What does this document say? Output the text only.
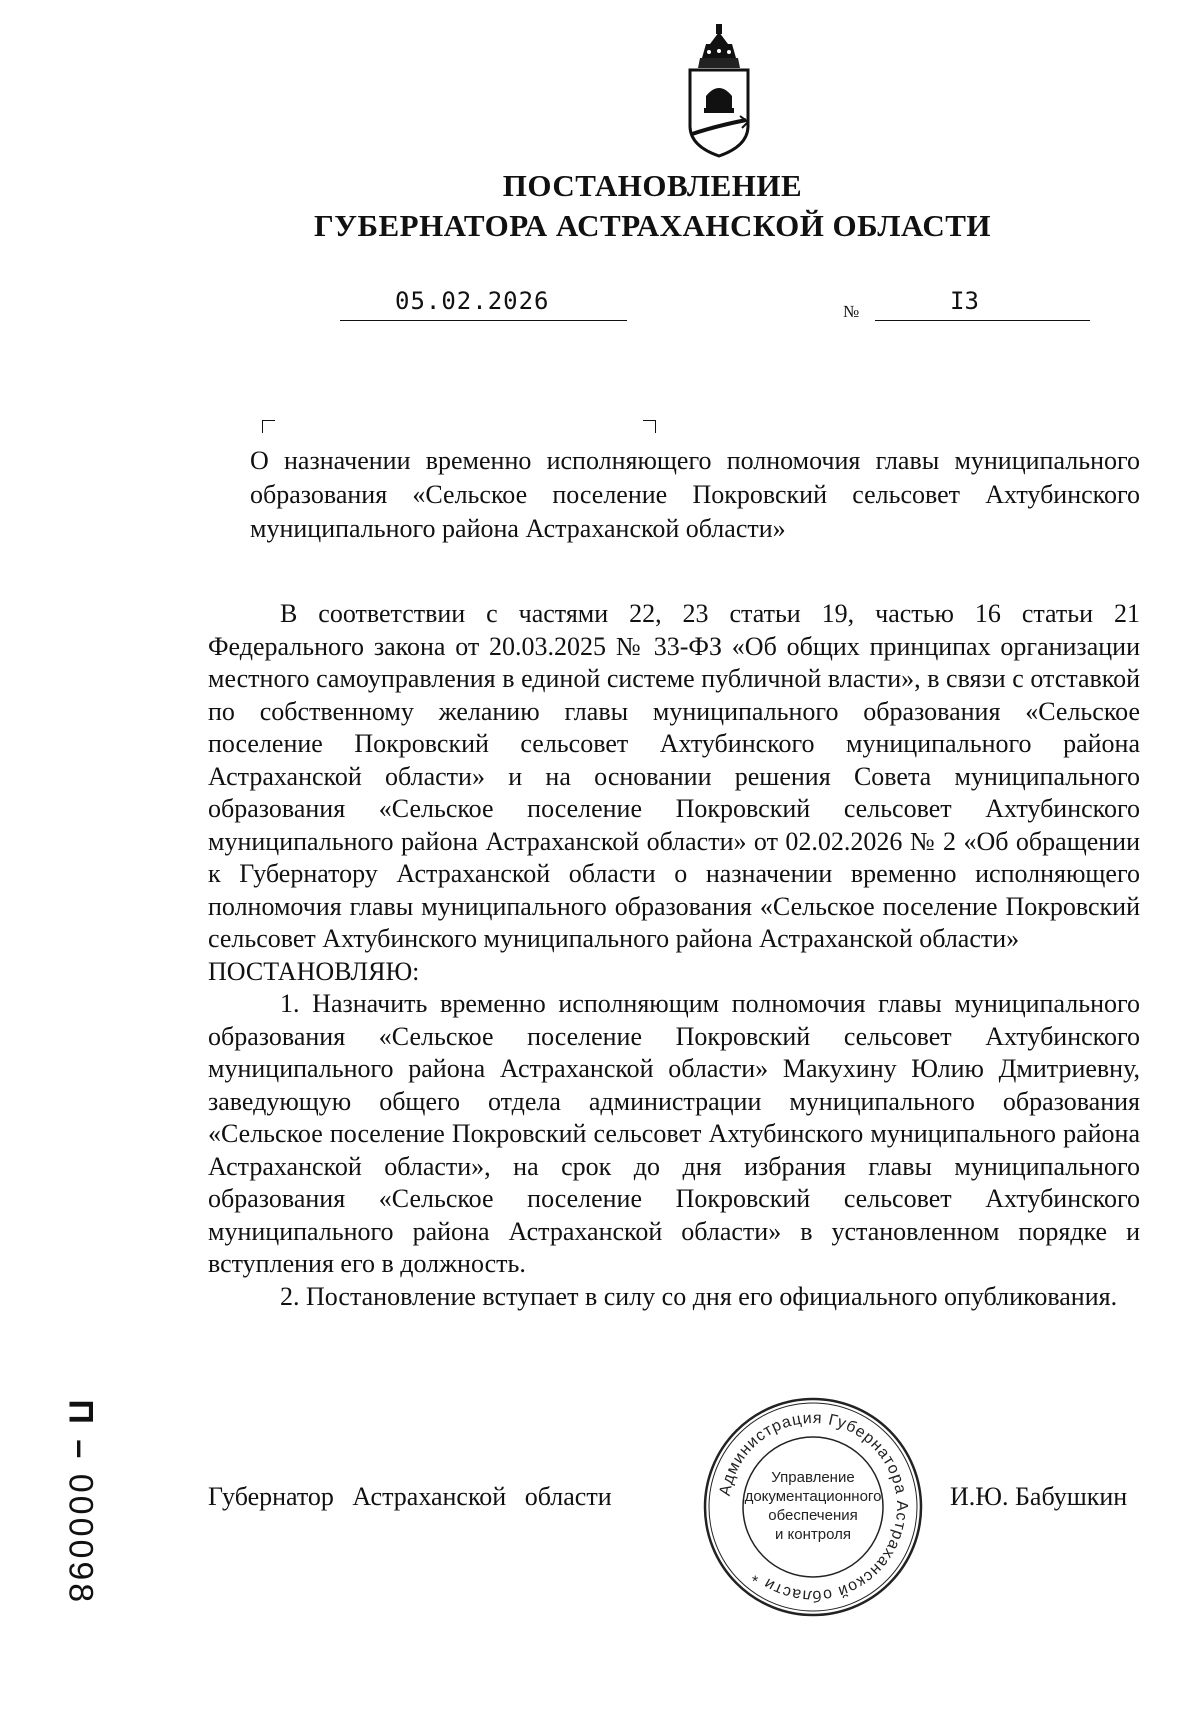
ПОСТАНОВЛЕНИЕ
ГУБЕРНАТОРА АСТРАХАНСКОЙ ОБЛАСТИ
05.02.2026	№	I3
О назначении временно исполняющего полномочия главы муниципального образования «Сельское поселение Покровский сельсовет Ахтубинского муниципального района Астраханской области»

В соответствии с частями 22, 23 статьи 19, частью 16 статьи 21 Федерального закона от 20.03.2025 № 33-ФЗ «Об общих принципах организации местного самоуправления в единой системе публичной власти», в связи с отставкой по собственному желанию главы муниципального образования «Сельское поселение Покровский сельсовет Ахтубинского муниципального района Астраханской области» и на основании решения Совета муниципального образования «Сельское поселение Покровский сельсовет Ахтубинского муниципального района Астраханской области» от 02.02.2026 № 2 «Об обращении к Губернатору Астраханской области о назначении временно исполняющего полномочия главы муниципального образования «Сельское поселение Покровский сельсовет Ахтубинского муниципального района Астраханской области»

ПОСТАНОВЛЯЮ:

1. Назначить временно исполняющим полномочия главы муниципального образования «Сельское поселение Покровский сельсовет Ахтубинского муниципального района Астраханской области» Макухину Юлию Дмитриевну, заведующую общего отдела администрации муниципального образования «Сельское поселение Покровский сельсовет Ахтубинского муниципального района Астраханской области», на срок до дня избрания главы муниципального образования «Сельское поселение Покровский сельсовет Ахтубинского муниципального района Астраханской области» в установленном порядке и вступления его в должность.

2. Постановление вступает в силу со дня его официального опубликования.

Губернатор Астраханской области	И.Ю. Бабушкин
Администрация Губернатора Астраханской области *
Управление
документационного
обеспечения
и контроля
П – 000098
